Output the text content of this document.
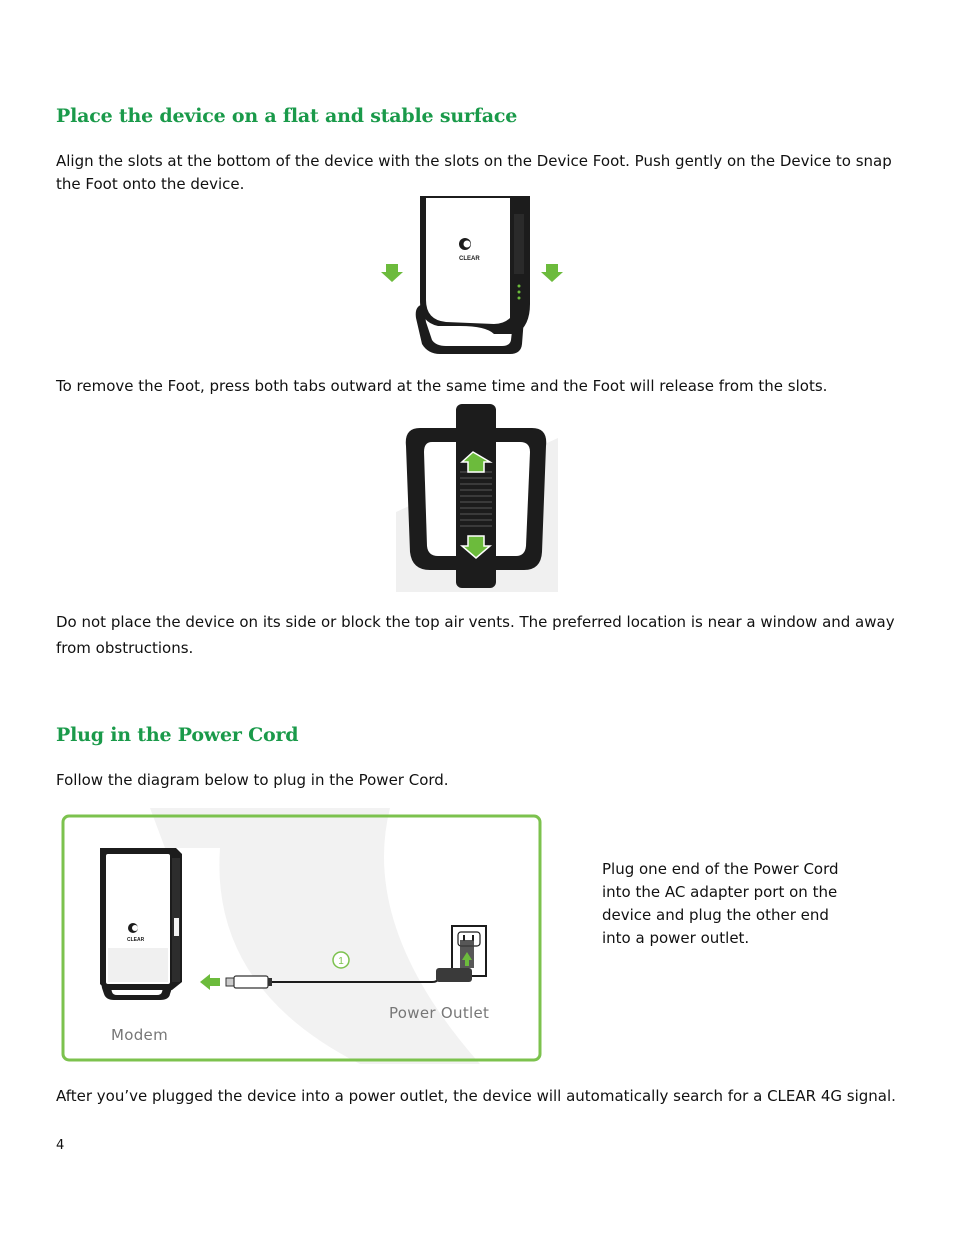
Place the device on a flat and stable surface
Align the slots at the bottom of the device with the slots on the Device Foot. Push gently on the Device to snap the Foot onto the device.
CLEAR
To remove the Foot, press both tabs outward at the same time and the Foot will release from the slots.
Do not place the device on its side or block the top air vents. The preferred location is near a window and away from obstructions.
Plug in the Power Cord
Follow the diagram below to plug in the Power Cord.
CLEAR
1
Power Outlet
Modem
Plug one end of the Power Cord into the AC adapter port on the device and plug the other end into a power outlet.
After you’ve plugged the device into a power outlet, the device will automatically search for a CLEAR 4G signal.
4
